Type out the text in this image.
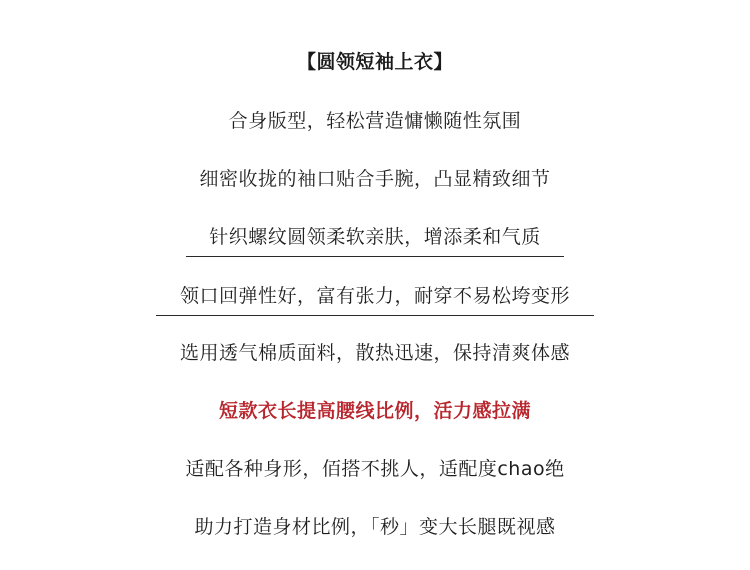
【圆领短袖上衣】
合身版型，轻松营造慵懒随性氛围
细密收拢的袖口贴合手腕，凸显精致细节
针织螺纹圆领柔软亲肤，增添柔和气质
领口回弹性好，富有张力，耐穿不易松垮变形
选用透气棉质面料，散热迅速，保持清爽体感
短款衣长提高腰线比例，活力感拉满
适配各种身形，佰搭不挑人，适配度chao绝
助力打造身材比例，「秒」变大长腿既视感
